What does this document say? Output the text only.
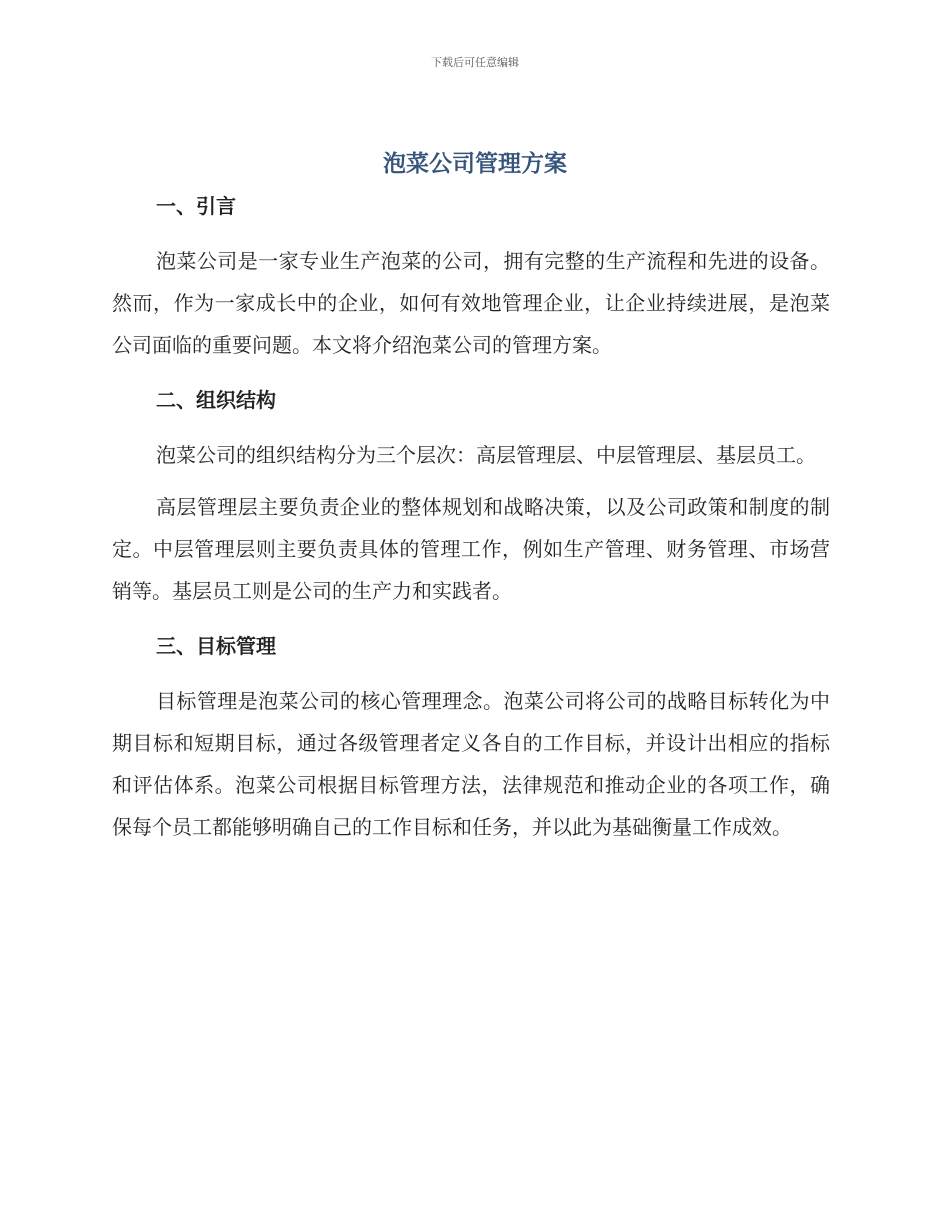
下载后可任意编辑
泡菜公司管理方案
一、引言

泡菜公司是一家专业生产泡菜的公司，拥有完整的生产流程和先进的设备。然而，作为一家成长中的企业，如何有效地管理企业，让企业持续进展，是泡菜公司面临的重要问题。本文将介绍泡菜公司的管理方案。

二、组织结构

泡菜公司的组织结构分为三个层次：高层管理层、中层管理层、基层员工。

高层管理层主要负责企业的整体规划和战略决策，以及公司政策和制度的制定。中层管理层则主要负责具体的管理工作，例如生产管理、财务管理、市场营销等。基层员工则是公司的生产力和实践者。

三、目标管理

目标管理是泡菜公司的核心管理理念。泡菜公司将公司的战略目标转化为中期目标和短期目标，通过各级管理者定义各自的工作目标，并设计出相应的指标和评估体系。泡菜公司根据目标管理方法，法律规范和推动企业的各项工作，确保每个员工都能够明确自己的工作目标和任务，并以此为基础衡量工作成效。
